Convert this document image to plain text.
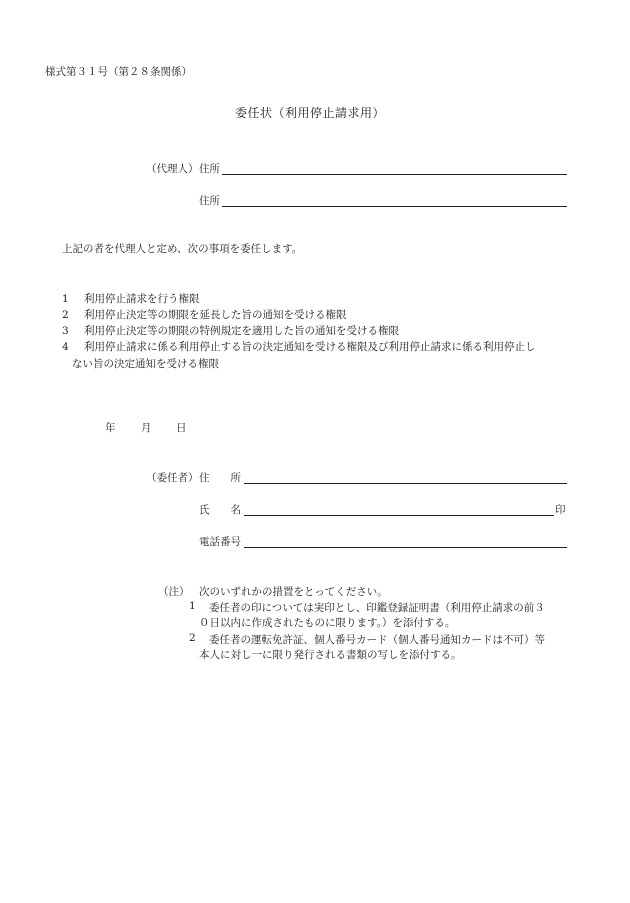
様式第３１号（第２８条関係）
委任状（利用停止請求用）
（代理人） 住所
住所
上記の者を代理人と定め、次の事項を委任します。
1 利用停止請求を行う権限
2 利用停止決定等の期限を延長した旨の通知を受ける権限
3 利用停止決定等の期限の特例規定を適用した旨の通知を受ける権限
4 利用停止請求に係る利用停止する旨の決定通知を受ける権限及び利用停止請求に係る利用停止し
ない旨の決定通知を受ける権限
年 月 日
（委任者） 住　　所
氏　　名	印
電話番号
（注） 次のいずれかの措置をとってください。
1 委任者の印については実印とし、印鑑登録証明書（利用停止請求の前３
０日以内に作成されたものに限ります。）を添付する。
2 委任者の運転免許証、個人番号カード（個人番号通知カードは不可）等
本人に対し一に限り発行される書類の写しを添付する。
